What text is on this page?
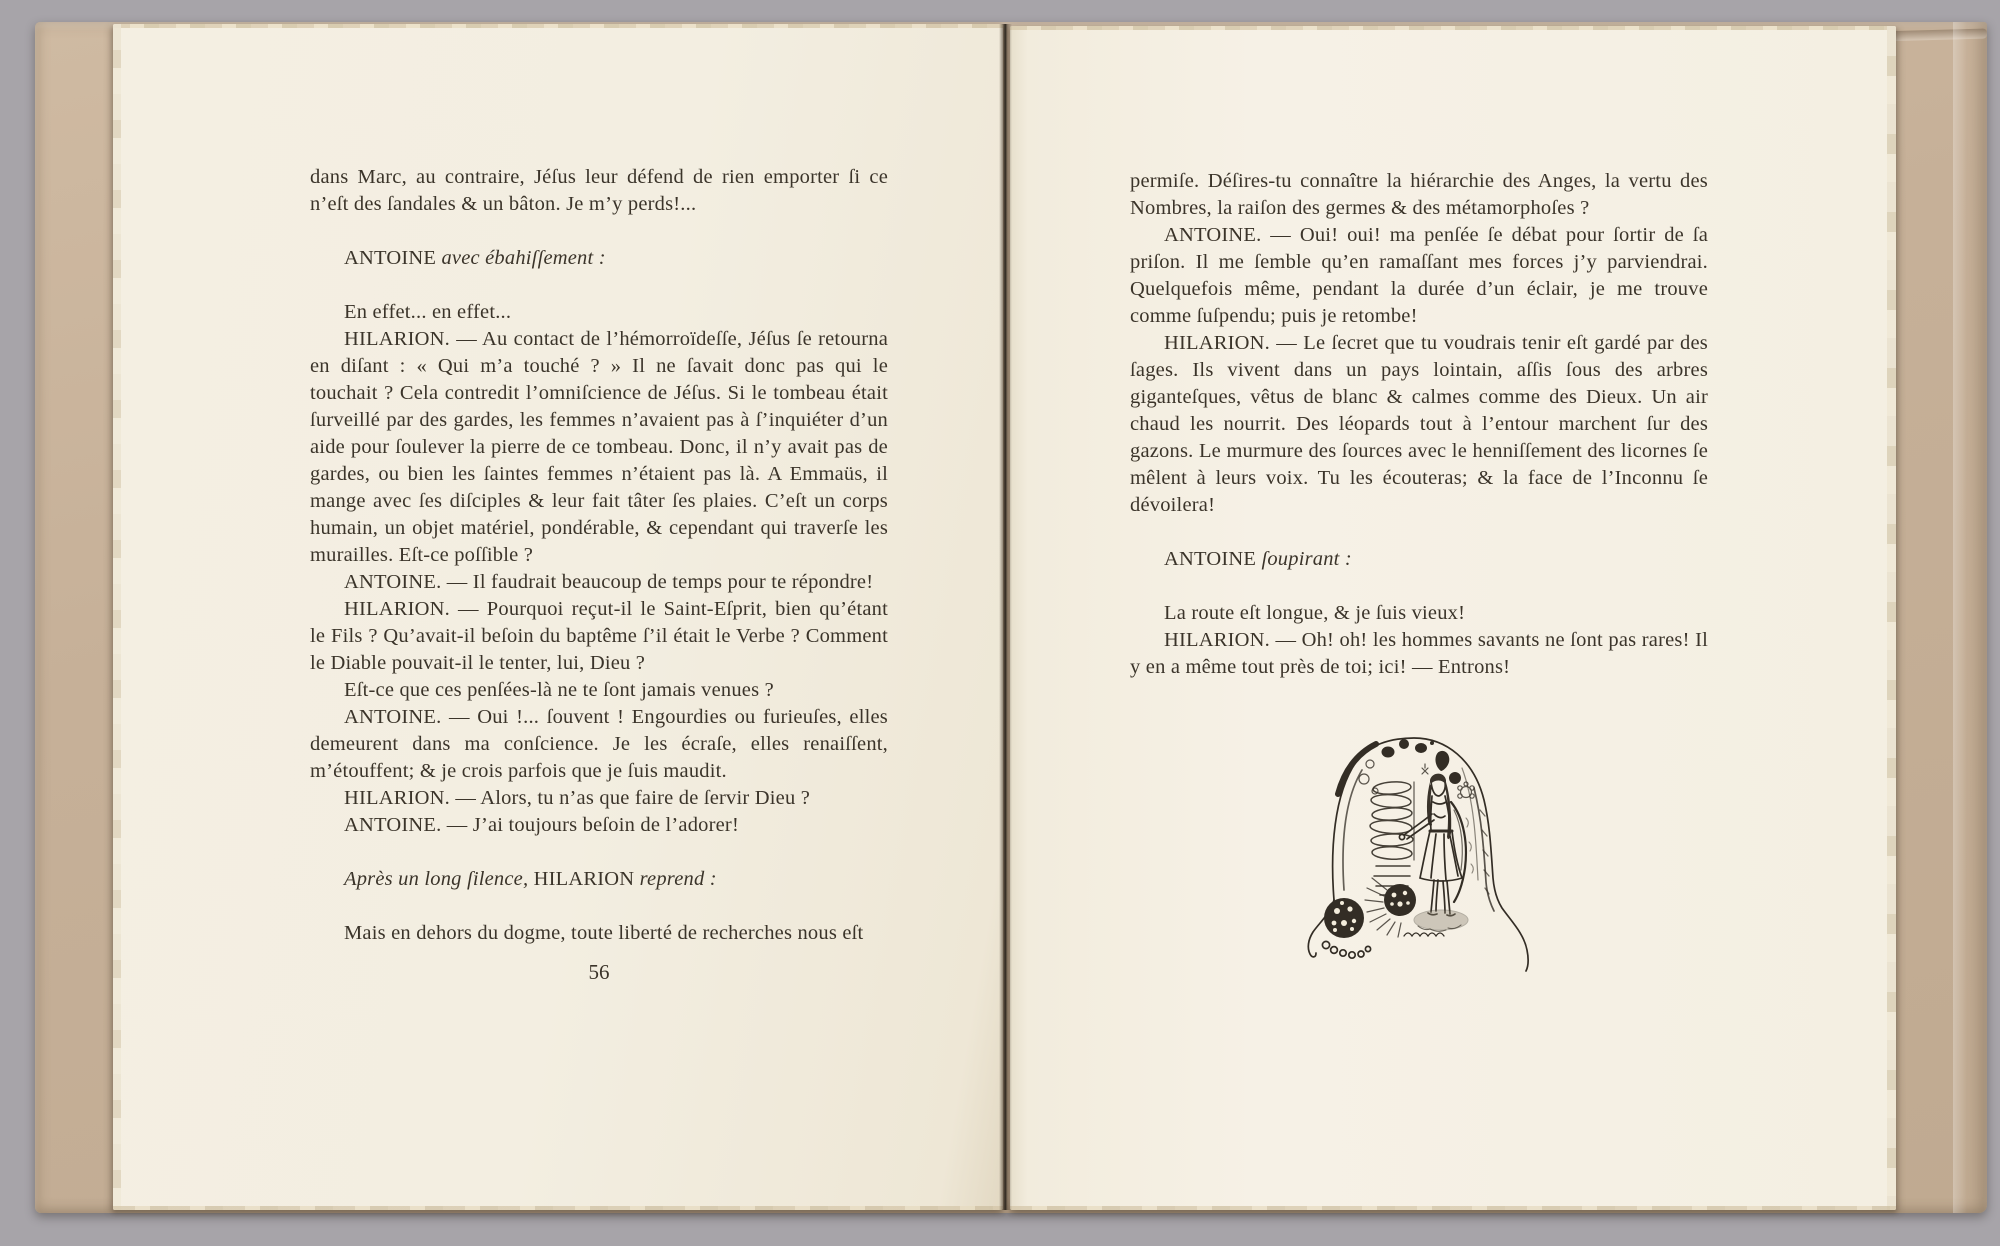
dans Marc, au contraire, Jéſus leur défend de rien emporter ſi ce n’eſt des ſandales & un bâton. Je m’y perds!...

ANTOINE avec ébahiſſement :

En effet... en effet...

HILARION. — Au contact de l’hémorroïdeſſe, Jéſus ſe retourna en diſant : « Qui m’a touché ? » Il ne ſavait donc pas qui le touchait ? Cela contredit l’omniſcience de Jéſus. Si le tombeau était ſurveillé par des gardes, les femmes n’avaient pas à ſ’inquiéter d’un aide pour ſoulever la pierre de ce tombeau. Donc, il n’y avait pas de gardes, ou bien les ſaintes femmes n’étaient pas là. A Emmaüs, il mange avec ſes diſciples & leur fait tâter ſes plaies. C’eſt un corps humain, un objet matériel, pondérable, & cependant qui traverſe les murailles. Eſt-ce poſſible ?

ANTOINE. — Il faudrait beaucoup de temps pour te répondre!

HILARION. — Pourquoi reçut-il le Saint-Eſprit, bien qu’étant le Fils ? Qu’avait-il beſoin du baptême ſ’il était le Verbe ? Comment le Diable pouvait-il le tenter, lui, Dieu ?

Eſt-ce que ces penſées-là ne te ſont jamais venues ?

ANTOINE. — Oui !... ſouvent ! Engourdies ou furieuſes, elles demeurent dans ma conſcience. Je les écraſe, elles renaiſſent, m’étouffent; & je crois parfois que je ſuis maudit.

HILARION. — Alors, tu n’as que faire de ſervir Dieu ?

ANTOINE. — J’ai toujours beſoin de l’adorer!

Après un long ſilence, HILARION reprend :

Mais en dehors du dogme, toute liberté de recherches nous eſt

56

permiſe. Déſires-tu connaître la hiérarchie des Anges, la vertu des Nombres, la raiſon des germes & des métamorphoſes ?

ANTOINE. — Oui! oui! ma penſée ſe débat pour ſortir de ſa priſon. Il me ſemble qu’en ramaſſant mes forces j’y parviendrai. Quelquefois même, pendant la durée d’un éclair, je me trouve comme ſuſpendu; puis je retombe!

HILARION. — Le ſecret que tu voudrais tenir eſt gardé par des ſages. Ils vivent dans un pays lointain, aſſis ſous des arbres giganteſques, vêtus de blanc & calmes comme des Dieux. Un air chaud les nourrit. Des léopards tout à l’entour marchent ſur des gazons. Le murmure des ſources avec le henniſſement des licornes ſe mêlent à leurs voix. Tu les écouteras; & la face de l’Inconnu ſe dévoilera!

ANTOINE ſoupirant :

La route eſt longue, & je ſuis vieux!

HILARION. — Oh! oh! les hommes savants ne ſont pas rares! Il y en a même tout près de toi; ici! — Entrons!
